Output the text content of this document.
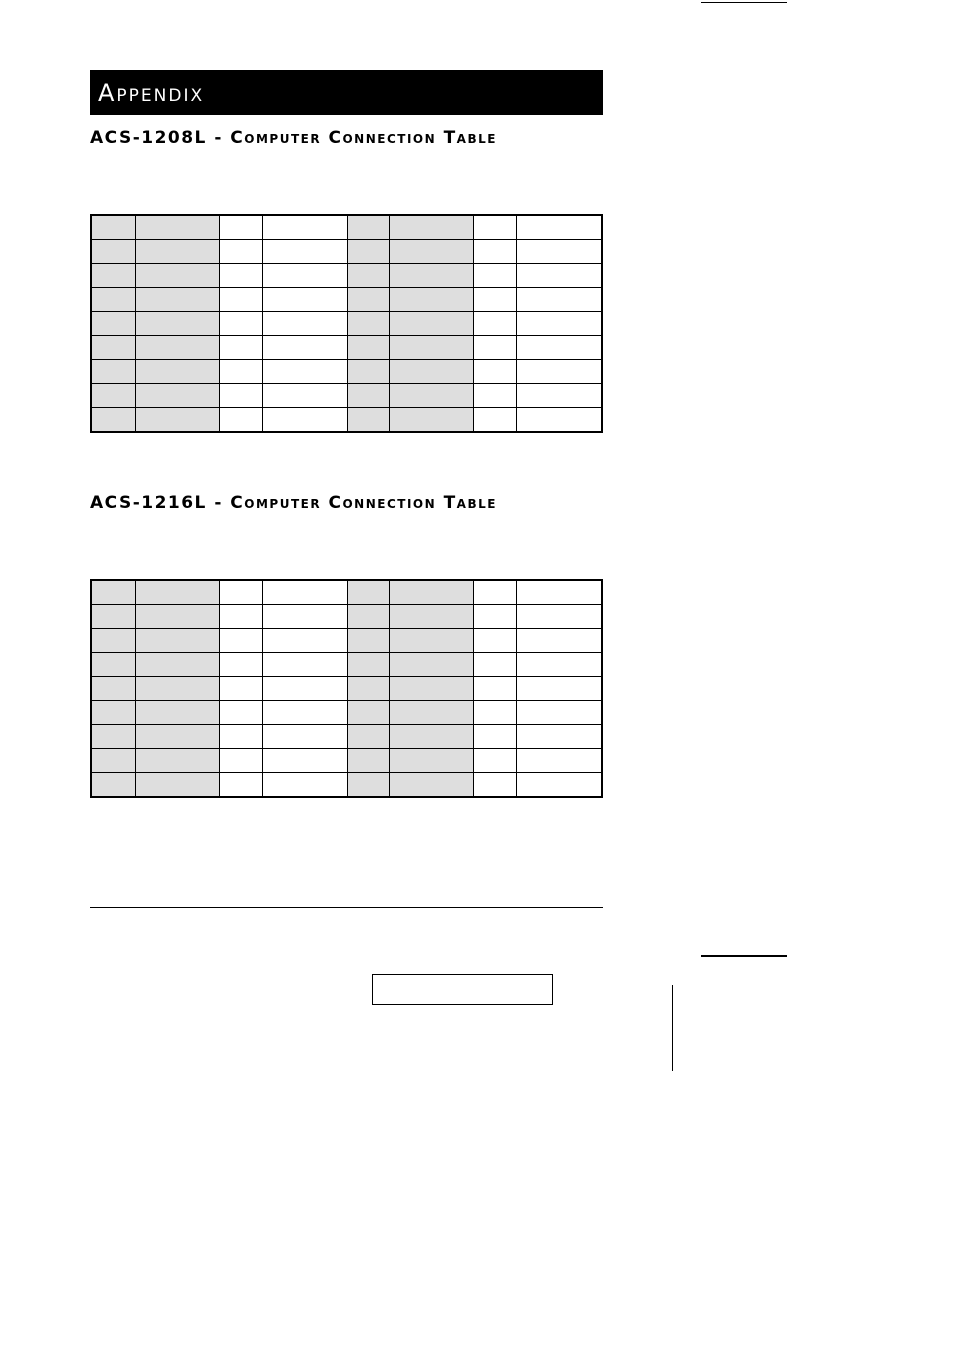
Appendix
ACS-1208L - Computer Connection Table

ACS-1216L - Computer Connection Table
